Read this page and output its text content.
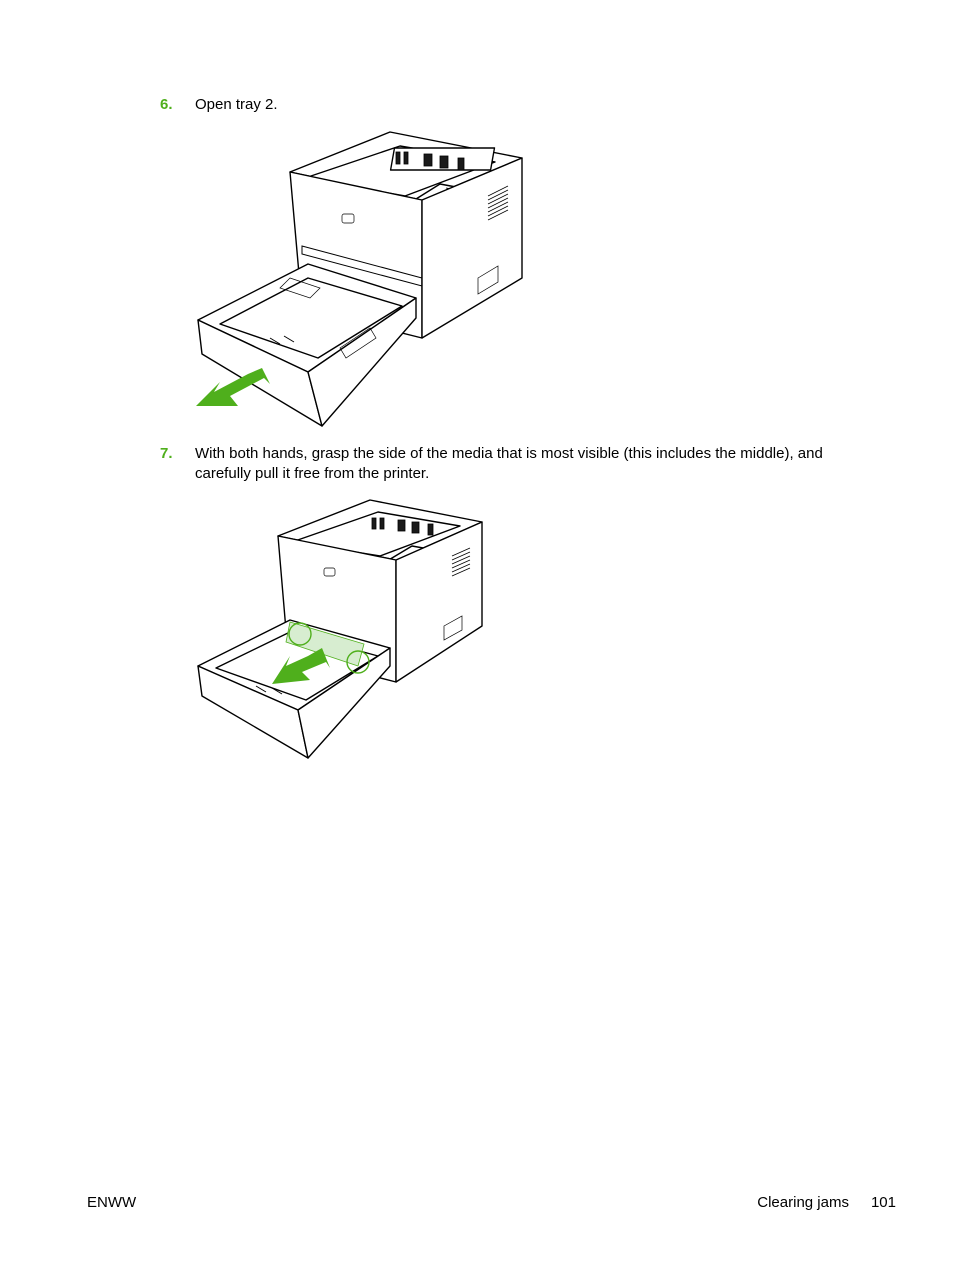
6. Open tray 2.
7. With both hands, grasp the side of the media that is most visible (this includes the middle), and carefully pull it free from the printer.
ENWW	Clearing jams 101
